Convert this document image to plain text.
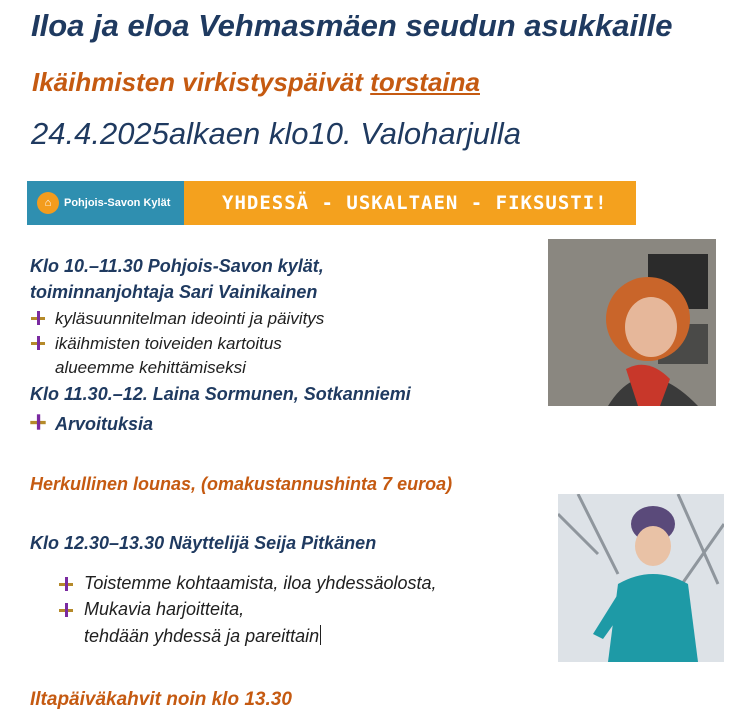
Iloa ja eloa Vehmasmäen seudun asukkaille
Ikäihmisten virkistyspäivät torstaina
24.4.2025alkaen klo10. Valoharjulla
⌂	Pohjois-Savon Kylät	YHDESSÄ - USKALTAEN - FIKSUSTI!
Klo 10.–11.30 Pohjois-Savon kylät,
toiminnanjohtaja Sari Vainikainen
kyläsuunnitelman ideointi ja päivitys
ikäihmisten toiveiden kartoitus
alueemme kehittämiseksi
Klo 11.30.–12. Laina Sormunen, Sotkanniemi
Arvoituksia
Herkullinen lounas, (omakustannushinta 7 euroa)
Klo 12.30–13.30 Näyttelijä Seija Pitkänen
Toistemme kohtaamista, iloa yhdessäolosta,
Mukavia harjoitteita,
tehdään yhdessä ja pareittain
Iltapäiväkahvit noin klo 13.30
